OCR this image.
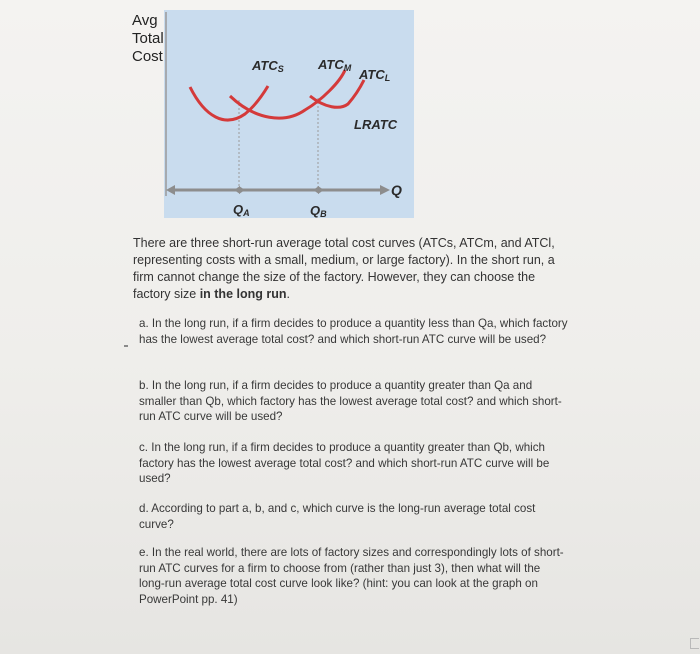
Avg
Total
Cost
ATCS	ATCM ATCL
LRATC
Q
QA	QB
There are three short-run average total cost curves (ATCs, ATCm, and ATCl, representing costs with a small, medium, or large factory). In the short run, a firm cannot change the size of the factory. However, they can choose the factory size in the long run.
a. In the long run, if a firm decides to produce a quantity less than Qa, which factory has the lowest average total cost? and which short-run ATC curve will be used?
b. In the long run, if a firm decides to produce a quantity greater than Qa and smaller than Qb, which factory has the lowest average total cost? and which short-run ATC curve will be used?
c. In the long run, if a firm decides to produce a quantity greater than Qb, which factory has the lowest average total cost? and which short-run ATC curve will be used?
d. According to part a, b, and c, which curve is the long-run average total cost curve?
e. In the real world, there are lots of factory sizes and correspondingly lots of short-run ATC curves for a firm to choose from (rather than just 3), then what will the long-run average total cost curve look like? (hint: you can look at the graph on PowerPoint pp. 41)
